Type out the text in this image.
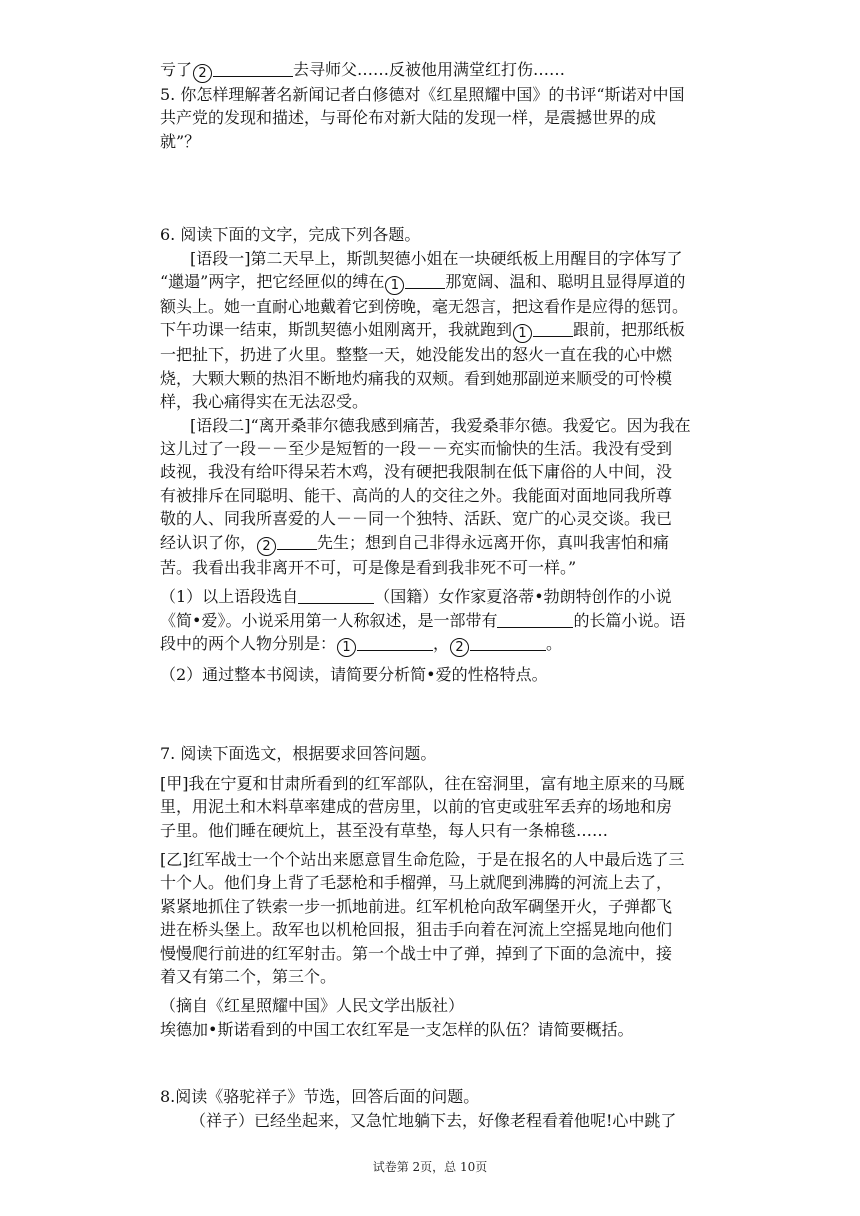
亏了 2	去寻师父……反被他用满堂红打伤……

5. 你怎样理解著名新闻记者白修德对《红星照耀中国》的书评“斯诺对中国

共产党的发现和描述，与哥伦布对新大陆的发现一样，是震撼世界的成

就”？

6. 阅读下面的文字，完成下列各题。

[语段一]第二天早上，斯凯契德小姐在一块硬纸板上用醒目的字体写了

“邋遢”两字，把它经匣似的缚在 1	那宽阔、温和、聪明且显得厚道的

额头上。她一直耐心地戴着它到傍晚，毫无怨言，把这看作是应得的惩罚。

下午功课一结束，斯凯契德小姐刚离开，我就跑到 1	跟前，把那纸板

一把扯下，扔进了火里。整整一天，她没能发出的怒火一直在我的心中燃

烧，大颗大颗的热泪不断地灼痛我的双颊。看到她那副逆来顺受的可怜模

样，我心痛得实在无法忍受。

[语段二]“离开桑菲尔德我感到痛苦，我爱桑菲尔德。我爱它。因为我在

这儿过了一段－－至少是短暂的一段－－充实而愉快的生活。我没有受到

歧视，我没有给吓得呆若木鸡，没有硬把我限制在低下庸俗的人中间，没

有被排斥在同聪明、能干、高尚的人的交往之外。我能面对面地同我所尊

敬的人、同我所喜爱的人－－同一个独特、活跃、宽广的心灵交谈。我已

经认识了你， 2	先生；想到自己非得永远离开你，真叫我害怕和痛

苦。我看出我非离开不可，可是像是看到我非死不可一样。”

（1）以上语段选自	（国籍）女作家夏洛蒂•勃朗特创作的小说

《简•爱》。小说采用第一人称叙述，是一部带有	的长篇小说。语

段中的两个人物分别是： 1	， 2	。

（2）通过整本书阅读，请简要分析简•爱的性格特点。

7. 阅读下面选文，根据要求回答问题。

[甲]我在宁夏和甘肃所看到的红军部队，往在窑洞里，富有地主原来的马厩

里，用泥土和木料草率建成的营房里，以前的官吏或驻军丢弃的场地和房

子里。他们睡在硬炕上，甚至没有草垫，每人只有一条棉毯……

[乙]红军战士一个个站出来愿意冒生命危险，于是在报名的人中最后选了三

十个人。他们身上背了毛瑟枪和手榴弹，马上就爬到沸腾的河流上去了，

紧紧地抓住了铁索一步一抓地前进。红军机枪向敌军碉堡开火，子弹都飞

进在桥头堡上。敌军也以机枪回报，狙击手向着在河流上空摇晃地向他们

慢慢爬行前进的红军射击。第一个战士中了弹，掉到了下面的急流中，接

着又有第二个，第三个。

（摘自《红星照耀中国》人民文学出版社）

埃德加•斯诺看到的中国工农红军是一支怎样的队伍？请简要概括。

8.阅读《骆驼祥子》节选，回答后面的问题。

（祥子）已经坐起来，又急忙地躺下去，好像老程看着他呢!心中跳了

试卷第 2页，总 10页
